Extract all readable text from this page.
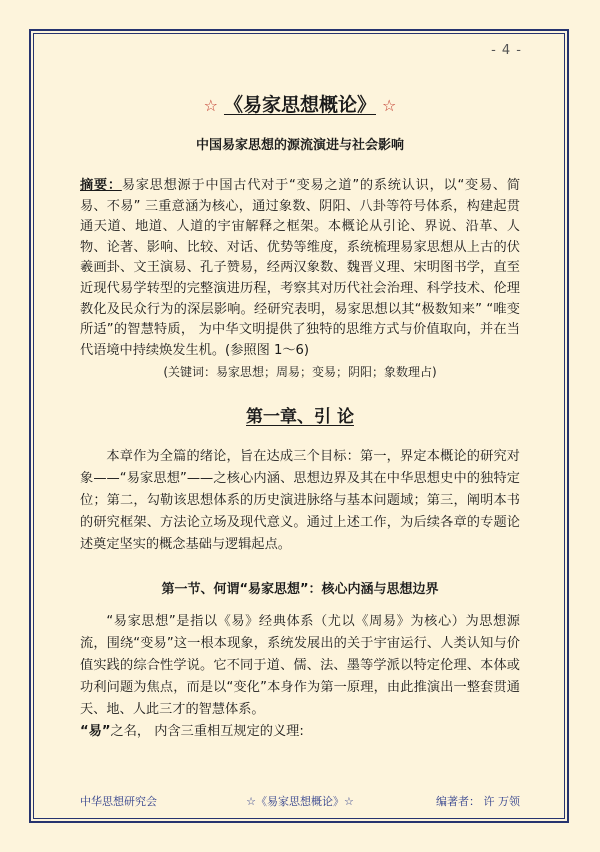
- 4 -
☆ 《易家思想概论》 ☆
中国易家思想的源流演进与社会影响
摘要：易家思想源于中国古代对于“变易之道”的系统认识，以“变易、简易、不易” 三重意涵为核心，通过象数、阴阳、八卦等符号体系，构建起贯通天道、地道、人道的宇宙解释之框架。本概论从引论、界说、沿革、人物、论著、影响、比较、对话、优势等维度，系统梳理易家思想从上古的伏羲画卦、文王演易、孔子赞易，经两汉象数、魏晋义理、宋明图书学，直至近现代易学转型的完整演进历程，考察其对历代社会治理、科学技术、伦理教化及民众行为的深层影响。经研究表明，易家思想以其“极数知来” “唯变所适”的智慧特质， 为中华文明提供了独特的思维方式与价值取向，并在当代语境中持续焕发生机。(参照图 1～6)
(关键词：易家思想；周易；变易；阴阳；象数理占)
第一章、引 论
本章作为全篇的绪论，旨在达成三个目标：第一，界定本概论的研究对象——“易家思想”——之核心内涵、思想边界及其在中华思想史中的独特定位；第二，勾勒该思想体系的历史演进脉络与基本问题域；第三，阐明本书的研究框架、方法论立场及现代意义。通过上述工作，为后续各章的专题论述奠定坚实的概念基础与逻辑起点。
第一节、何谓“易家思想”：核心内涵与思想边界
“易家思想”是指以《易》经典体系（尤以《周易》为核心）为思想源流，围绕“变易”这一根本现象，系统发展出的关于宇宙运行、人类认知与价值实践的综合性学说。它不同于道、儒、法、墨等学派以特定伦理、本体或功利问题为焦点，而是以“变化”本身作为第一原理，由此推演出一整套贯通天、地、人此三才的智慧体系。
“易”之名， 内含三重相互规定的义理:
中华思想研究会	☆《易家思想概论》☆	编著者： 许 万领
